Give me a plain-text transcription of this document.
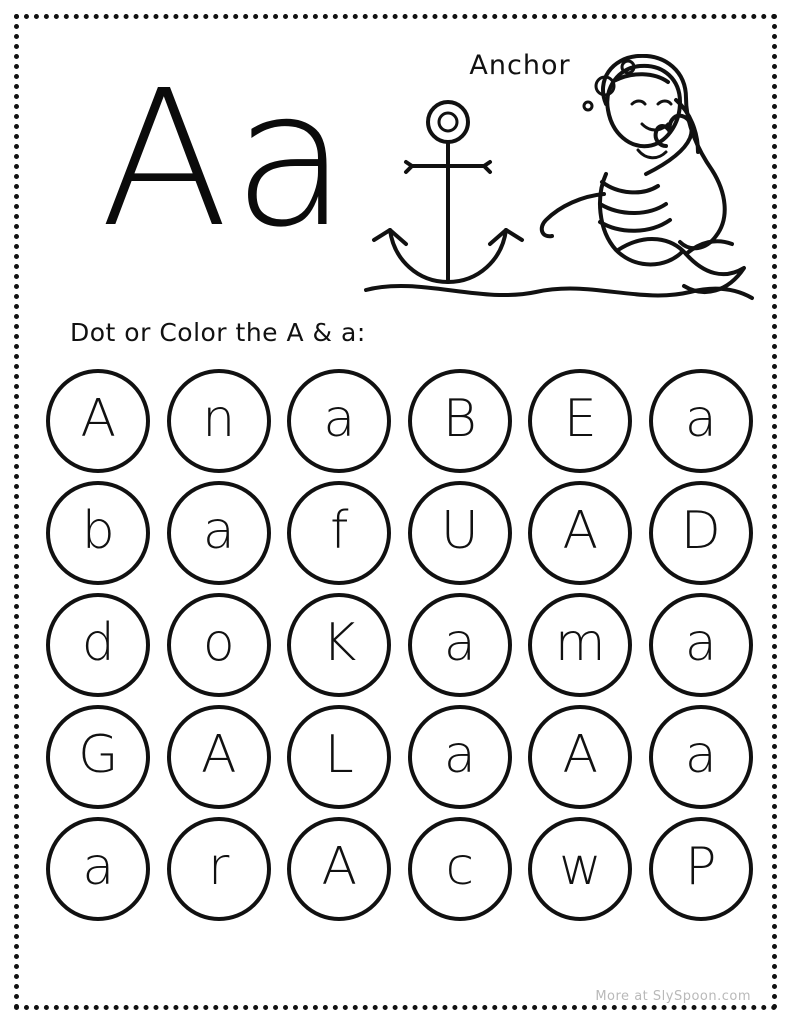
Aa	Anchor
Dot or Color the A & a:
A n a B E a
b a f U A D
d o K a m a
G A L a A a
a r A c w P
More at SlySpoon.com
